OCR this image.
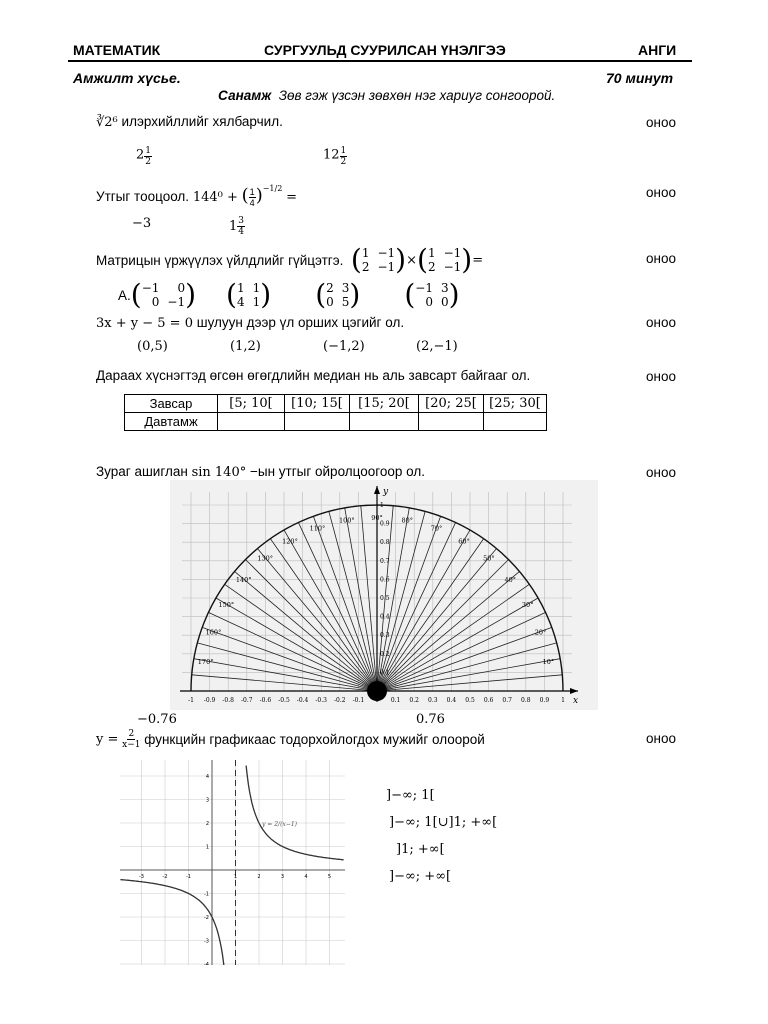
МАТЕМАТИК	СУРГУУЛЬД СУУРИЛСАН ҮНЭЛГЭЭ	АНГИ
Амжилт хүсье.	70 минут
Санамж Зөв гэж үзсэн зөвхөн нэг хариуг сонгоорой.
∛2⁶ илэрхийллийг хялбарчил.	оноо
2 $^{\frac{1}{2}}$	12 $^{\frac{1}{2}}$
Утгыг тооцоол. 144⁰ + ( $\frac{1}{4} )^{-1/2}$ =	оноо
−3	$1 \frac{3}{4}$
Матрицын үржүүлэх үйлдлийг гүйцэтгэ.
( 1 −1
2 −1 ) × ( 1 −1
2 −1 ) =	оноо
A. ( −1	0
0 −1 ) ( 1 1
4 1 ) ( 2 3
0 5 ) ( −1 3
0 0 )
3x + y − 5 = 0 шулуун дээр үл орших цэгийг ол.	оноо
(0,5)	(1,2)	(−1,2)	(2,−1)
Дараах хүснэгтэд өгсөн өгөгдлийн медиан нь аль завсарт байгааг ол.	оноо
Завсар	[5; 10[	[10; 15[	[15; 20[	[20; 25[	[25; 30[
Давтамж					
Зураг ашиглан sin 140° −ын утгыг ойролцоогоор ол.	оноо
y
x
-1 -0.9 -0.8 -0.7 -0.6 -0.5 -0.4 -0.3 -0.2 -0.1 0 0.1 0.2 0.3 0.4 0.5 0.6 0.7 0.8 0.9 1
0.1
0.2
0.3
0.4
0.5
0.6
0.7
0.8
0.9
1
10°
20°
30°
40°
50°
60°
70°
80°
90°
100°
110°
120°
130°
140°
150°
160°
170°
−0.76	0.76
y =
$\frac{2}{x-1}$
функцийн графикаас тодорхойлогдох мужийг олоорой	оноо
-3	-2	-1	1	2	3	4	5
4
3
2
1
-1
-2
-3
-4
y = 2/(x−1)
]−∞; 1[
]−∞; 1[∪]1; +∞[
]1; +∞[
]−∞; +∞[
